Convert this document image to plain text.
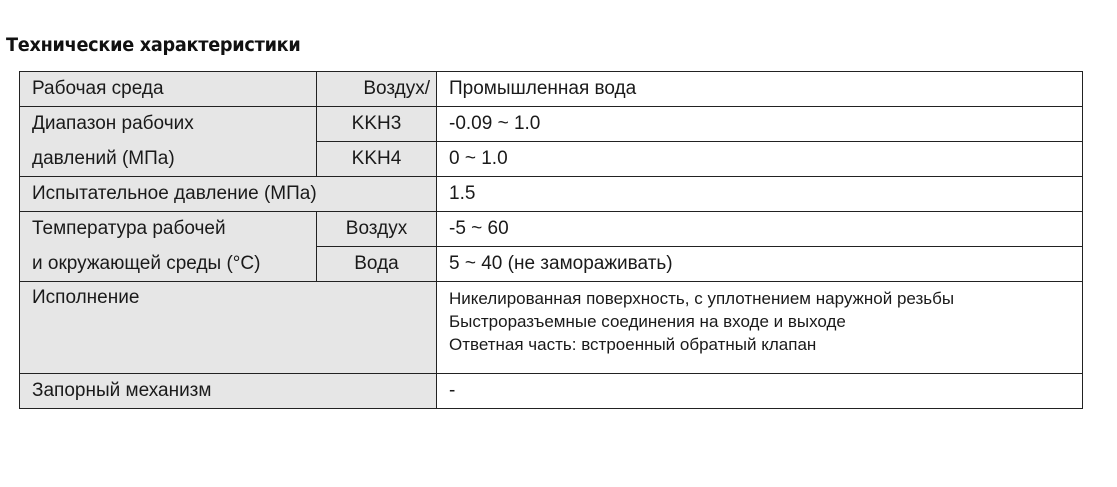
Технические характеристики
Рабочая среда	Воздух/	Промышленная вода
Диапазон рабочих	KKH3	-0.09 ~ 1.0
давлений (МПа)	KKH4	0 ~ 1.0
Испытательное давление (МПа)		1.5
Температура рабочей	Воздух	-5 ~ 60
и окружающей среды (°С)	Вода	5 ~ 40 (не замораживать)
Исполнение		Никелированная поверхность, с уплотнением наружной резьбы
Быстроразъемные соединения на входе и выходе
Ответная часть: встроенный обратный клапан

Запорный механизм		-
